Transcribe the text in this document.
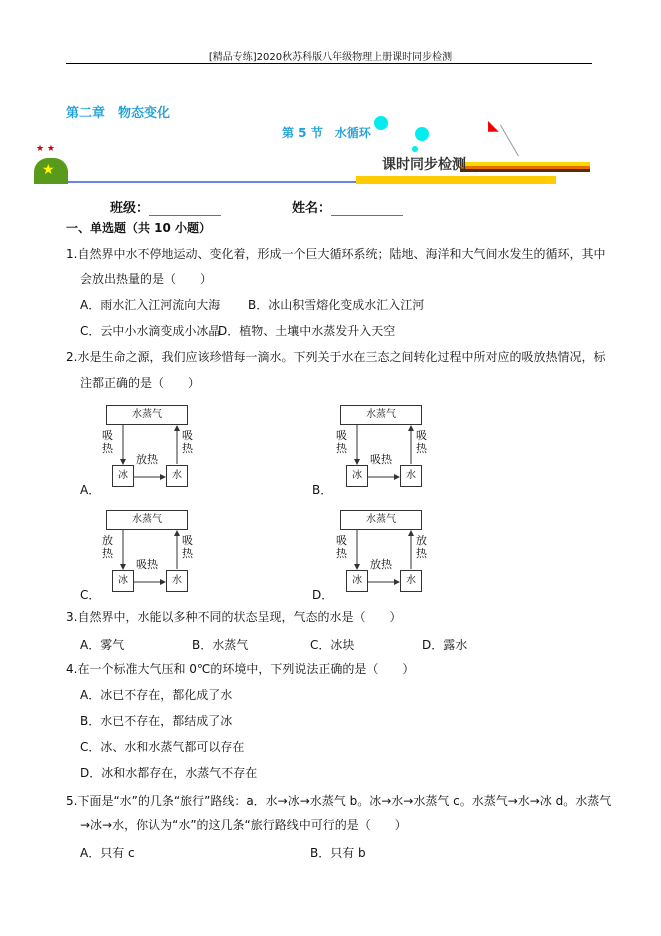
[精品专练]2020秋苏科版八年级物理上册课时同步检测
第二章　物态变化
第 5 节　水循环
★
★ ★
课时同步检测
◣
班级：	姓名：
一、单选题（共 10 小题）
1.自然界中水不停地运动、变化着，形成一个巨大循环系统；陆地、海洋和大气间水发生的循环，其中
会放出热量的是（　　）
A．雨水汇入江河流向大海 B．冰山积雪熔化变成水汇入江河
C．云中小水滴变成小冰晶
D．植物、土壤中水蒸发升入天空
2.水是生命之源，我们应该珍惜每一滴水。下列关于水在三态之间转化过程中所对应的吸放热情况，标
注都正确的是（　　）
A．
水蒸气
冰	水
吸热
放热
吸热
B．
水蒸气
冰	水
吸热
吸热
吸热
C．
水蒸气
冰	水
放热
吸热
吸热
D．
水蒸气
冰	水
吸热
放热
放热
3.自然界中，水能以多种不同的状态呈现，气态的水是（　　）
A．雾气	B．水蒸气	C．冰块	D．露水
4.在一个标准大气压和 0℃的环境中，下列说法正确的是（　　）
A．冰已不存在，都化成了水
B．水已不存在，都结成了冰
C．冰、水和水蒸气都可以存在
D．冰和水都存在，水蒸气不存在
5.下面是“水”的几条“旅行”路线：a．水→冰→水蒸气 b。冰→水→水蒸气 c。水蒸气→水→冰 d。水蒸气
→冰→水，你认为“水”的这几条“旅行路线中可行的是（　　）
A．只有 c	B．只有 b
